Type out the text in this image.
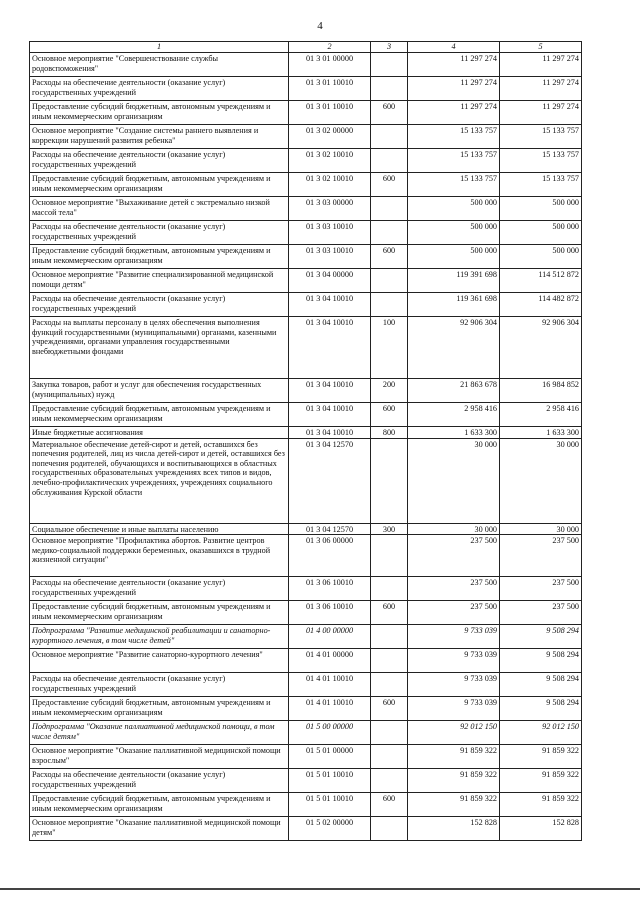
4
1	2	3	4	5
Основное мероприятие "Совершенствование службы родовспоможения"	01 3 01 00000		11 297 274	11 297 274
Расходы на обеспечение деятельности (оказание услуг) государственных учреждений	01 3 01 10010		11 297 274	11 297 274
Предоставление субсидий бюджетным, автономным учреждениям и иным некоммерческим организациям	01 3 01 10010	600	11 297 274	11 297 274
Основное мероприятие "Создание системы раннего выявления и коррекции нарушений развития ребенка"	01 3 02 00000		15 133 757	15 133 757
Расходы на обеспечение деятельности (оказание услуг) государственных учреждений	01 3 02 10010		15 133 757	15 133 757
Предоставление субсидий бюджетным, автономным учреждениям и иным некоммерческим организациям	01 3 02 10010	600	15 133 757	15 133 757
Основное мероприятие "Выхаживание детей с экстремально низкой массой тела"	01 3 03 00000		500 000	500 000
Расходы на обеспечение деятельности (оказание услуг) государственных учреждений	01 3 03 10010		500 000	500 000
Предоставление субсидий бюджетным, автономным учреждениям и иным некоммерческим организациям	01 3 03 10010	600	500 000	500 000
Основное мероприятие "Развитие специализированной медицинской помощи детям"	01 3 04 00000		119 391 698	114 512 872
Расходы на обеспечение деятельности (оказание услуг) государственных учреждений	01 3 04 10010		119 361 698	114 482 872
Расходы на выплаты персоналу в целях обеспечения выполнения функций государственными (муниципальными) органами, казенными учреждениями, органами управления государственными внебюджетными фондами	01 3 04 10010	100	92 906 304	92 906 304
Закупка товаров, работ и услуг для обеспечения государственных (муниципальных) нужд	01 3 04 10010	200	21 863 678	16 984 852
Предоставление субсидий бюджетным, автономным учреждениям и иным некоммерческим организациям	01 3 04 10010	600	2 958 416	2 958 416
Иные бюджетные ассигнования	01 3 04 10010	800	1 633 300	1 633 300
Материальное обеспечение детей-сирот и детей, оставшихся без попечения родителей, лиц из числа детей-сирот и детей, оставшихся без попечения родителей, обучающихся и воспитывающихся в областных государственных образовательных учреждениях всех типов и видов, лечебно-профилактических учреждениях, учреждениях социального обслуживания Курской области	01 3 04 12570		30 000	30 000
Социальное обеспечение и иные выплаты населению	01 3 04 12570	300	30 000	30 000
Основное мероприятие "Профилактика абортов. Развитие центров медико-социальной поддержки беременных, оказавшихся в трудной жизненной ситуации"	01 3 06 00000		237 500	237 500
Расходы на обеспечение деятельности (оказание услуг) государственных учреждений	01 3 06 10010		237 500	237 500
Предоставление субсидий бюджетным, автономным учреждениям и иным некоммерческим организациям	01 3 06 10010	600	237 500	237 500
Подпрограмма "Развитие медицинской реабилитации и санаторно-курортного лечения, в том числе детей"	01 4 00 00000		9 733 039	9 508 294
Основное мероприятие "Развитие санаторно-курортного лечения"	01 4 01 00000		9 733 039	9 508 294
Расходы на обеспечение деятельности (оказание услуг) государственных учреждений	01 4 01 10010		9 733 039	9 508 294
Предоставление субсидий бюджетным, автономным учреждениям и иным некоммерческим организациям	01 4 01 10010	600	9 733 039	9 508 294
Подпрограмма "Оказание паллиативной медицинской помощи, в том числе детям"	01 5 00 00000		92 012 150	92 012 150
Основное мероприятие "Оказание паллиативной медицинской помощи взрослым"	01 5 01 00000		91 859 322	91 859 322
Расходы на обеспечение деятельности (оказание услуг) государственных учреждений	01 5 01 10010		91 859 322	91 859 322
Предоставление субсидий бюджетным, автономным учреждениям и иным некоммерческим организациям	01 5 01 10010	600	91 859 322	91 859 322
Основное мероприятие "Оказание паллиативной медицинской помощи детям"	01 5 02 00000		152 828	152 828
